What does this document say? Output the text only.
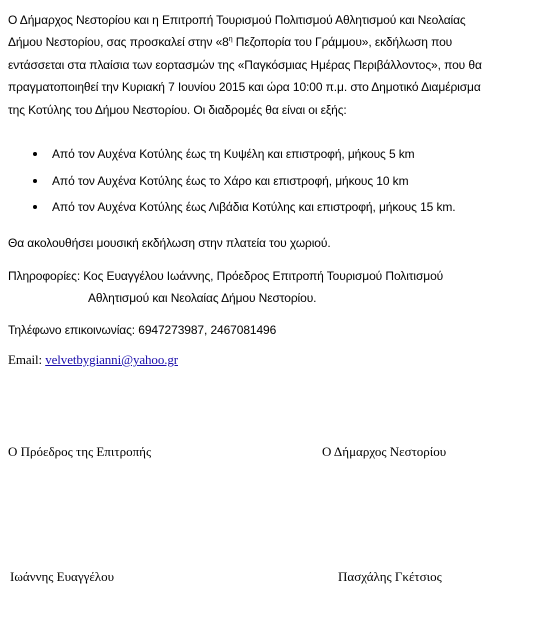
Ο Δήμαρχος Νεστορίου και η Επιτροπή Τουρισμού Πολιτισμού Αθλητισμού και Νεολαίας
Δήμου Νεστορίου, σας προσκαλεί στην «$8^\eta$ Πεζοπορία του Γράμμου», εκδήλωση που
εντάσσεται στα πλαίσια των εορτασμών της «Παγκόσμιας Ημέρας Περιβάλλοντος», που θα
πραγματοποιηθεί την Κυριακή 7 Ιουνίου 2015 και ώρα 10:00 π.μ. στο Δημοτικό Διαμέρισμα
της Κοτύλης του Δήμου Νεστορίου. Οι διαδρομές θα είναι οι εξής:
Από τον Αυχένα Κοτύλης έως τη Κυψέλη και επιστροφή, μήκους 5 km
Από τον Αυχένα Κοτύλης έως το Χάρο και επιστροφή, μήκους 10 km
Από τον Αυχένα Κοτύλης έως Λιβάδια Κοτύλης και επιστροφή, μήκους 15 km.
Θα ακολουθήσει μουσική εκδήλωση στην πλατεία του χωριού.
Πληροφορίες: Κος Ευαγγέλου Ιωάννης, Πρόεδρος Επιτροπή Τουρισμού Πολιτισμού
Αθλητισμού και Νεολαίας Δήμου Νεστορίου.
Τηλέφωνο επικοινωνίας: 6947273987, 2467081496
Email: velvetbygianni@yahoo.gr
Ο Πρόεδρος της Επιτροπής	Ο Δήμαρχος Νεστορίου
Ιωάννης Ευαγγέλου	Πασχάλης Γκέτσιος
